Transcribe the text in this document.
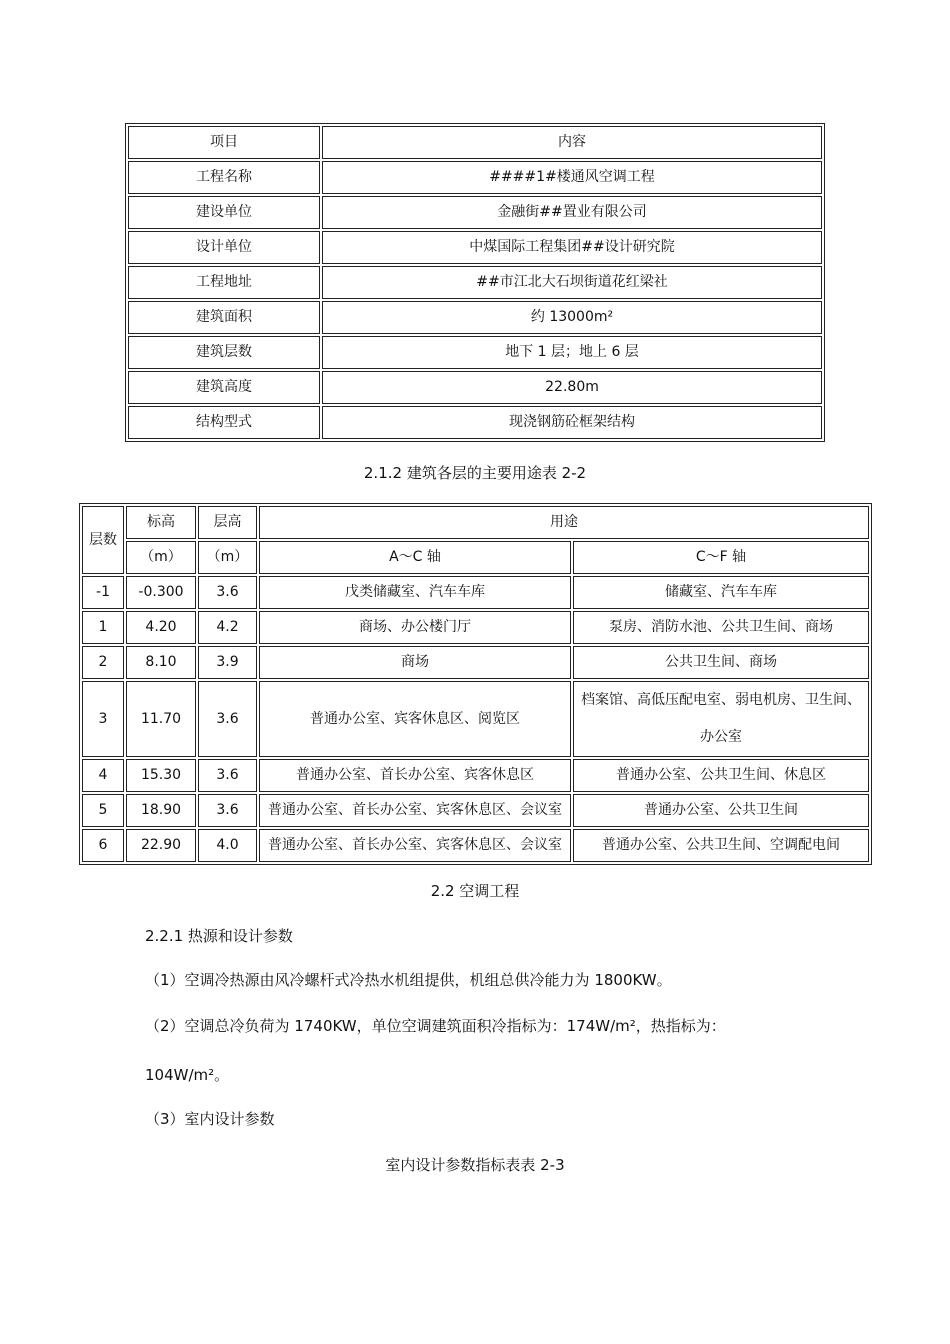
项目	内容
工程名称	####1#楼通风空调工程
建设单位	金融街##置业有限公司
设计单位	中煤国际工程集团##设计研究院
工程地址	##市江北大石坝街道花红梁社
建筑面积	约 13000m²
建筑层数	地下 1 层；地上 6 层
建筑高度	22.80m
结构型式	现浇钢筋砼框架结构
2.1.2 建筑各层的主要用途表 2-2
层数	标高	层高	用途	
	（m）	（m）	A～C 轴	C～F 轴
-1	-0.300	3.6	戊类储藏室、汽车车库	储藏室、汽车车库
1	4.20	4.2	商场、办公楼门厅	泵房、消防水池、公共卫生间、商场
2	8.10	3.9	商场	公共卫生间、商场
3	11.70	3.6	普通办公室、宾客休息区、阅览区	档案馆、高低压配电室、弱电机房、卫生间、办公室
4	15.30	3.6	普通办公室、首长办公室、宾客休息区	普通办公室、公共卫生间、休息区
5	18.90	3.6	普通办公室、首长办公室、宾客休息区、会议室	普通办公室、公共卫生间
6	22.90	4.0	普通办公室、首长办公室、宾客休息区、会议室	普通办公室、公共卫生间、空调配电间
2.2 空调工程
2.2.1 热源和设计参数
（1）空调冷热源由风冷螺杆式冷热水机组提供，机组总供冷能力为 1800KW。
（2）空调总冷负荷为 1740KW，单位空调建筑面积冷指标为：174W/m²，热指标为：
104W/m²。
（3）室内设计参数
室内设计参数指标表表 2-3
